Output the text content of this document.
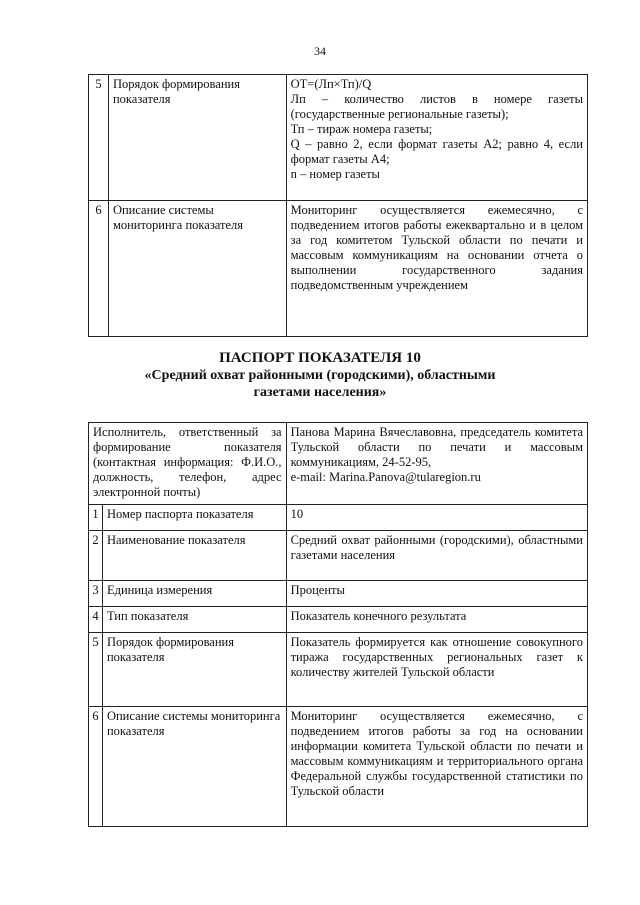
34
5	Порядок формирования показателя	ОТ=(Лп×Тп)/Q
Лп – количество листов в номере газеты (государственные региональные газеты);
Тп – тираж номера газеты;
Q – равно 2, если формат газеты А2; равно 4, если формат газеты А4;
n – номер газеты

6	Описание системы мониторинга показателя	Мониторинг осуществляется ежемесячно, с подведением итогов работы ежеквартально и в целом за год комитетом Тульской области по печати и массовым коммуникациям на основании отчета о выполнении государственного задания подведомственным учреждением
ПАСПОРТ ПОКАЗАТЕЛЯ 10
«Средний охват районными (городскими), областными
газетами населения»
Исполнитель, ответственный за формирование показателя (контактная информация: Ф.И.О., должность, телефон, адрес электронной почты)		Панова Марина Вячеславовна, председатель комитета Тульской области по печати и массовым коммуникациям, 24-52-95,
e-mail: Marina.Panova@tularegion.ru
1	Номер паспорта показателя	10
2	Наименование показателя	Средний охват районными (городскими), областными газетами населения
3	Единица измерения	Проценты
4	Тип показателя	Показатель конечного результата
5	Порядок формирования показателя	Показатель формируется как отношение совокупного тиража государственных региональных газет к количеству жителей Тульской области
6	Описание системы мониторинга показателя	Мониторинг осуществляется ежемесячно, с подведением итогов работы за год на основании информации комитета Тульской области по печати и массовым коммуникациям и территориального органа Федеральной службы государственной статистики по Тульской области
